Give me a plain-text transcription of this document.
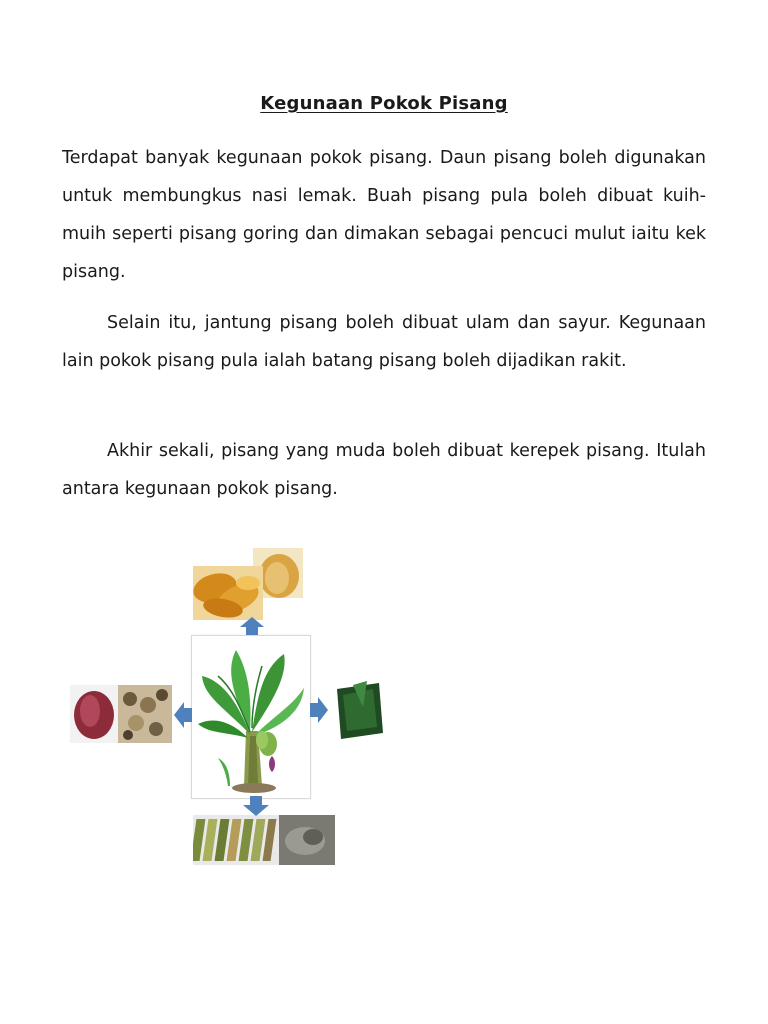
Kegunaan Pokok Pisang

Terdapat banyak kegunaan pokok pisang. Daun pisang boleh digunakan untuk membungkus nasi lemak. Buah pisang pula boleh dibuat kuih-muih seperti pisang goring dan dimakan sebagai pencuci mulut iaitu kek pisang.

Selain itu, jantung pisang boleh dibuat ulam dan sayur. Kegunaan lain pokok pisang pula ialah batang pisang boleh dijadikan rakit.

Akhir sekali, pisang yang muda boleh dibuat kerepek pisang. Itulah antara kegunaan pokok pisang.
